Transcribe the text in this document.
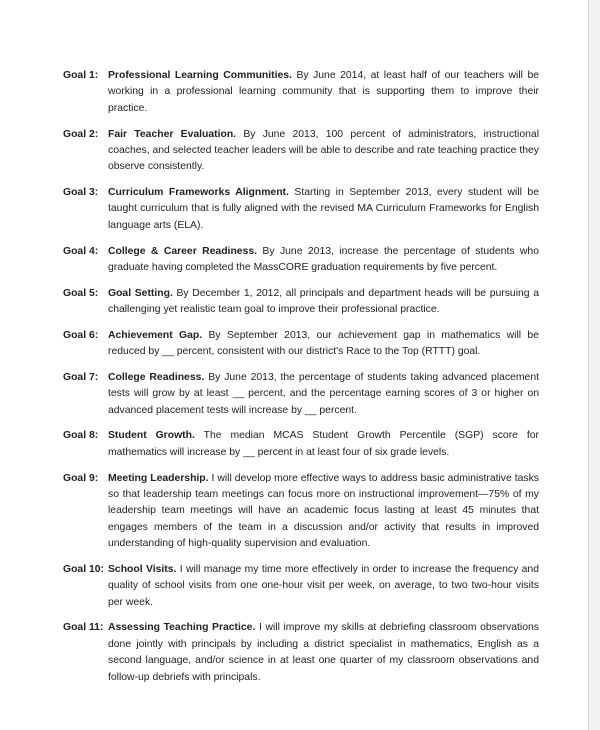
Goal 1: Professional Learning Communities. By June 2014, at least half of our teachers will be working in a professional learning community that is supporting them to improve their practice.
Goal 2: Fair Teacher Evaluation. By June 2013, 100 percent of administrators, instructional coaches, and selected teacher leaders will be able to describe and rate teaching practice they observe consistently.
Goal 3: Curriculum Frameworks Alignment. Starting in September 2013, every student will be taught curriculum that is fully aligned with the revised MA Curriculum Frameworks for English language arts (ELA).
Goal 4: College & Career Readiness. By June 2013, increase the percentage of students who graduate having completed the MassCORE graduation requirements by five percent.
Goal 5: Goal Setting. By December 1, 2012, all principals and department heads will be pursuing a challenging yet realistic team goal to improve their professional practice.
Goal 6: Achievement Gap. By September 2013, our achievement gap in mathematics will be reduced by __ percent, consistent with our district's Race to the Top (RTTT) goal.
Goal 7: College Readiness. By June 2013, the percentage of students taking advanced placement tests will grow by at least __ percent, and the percentage earning scores of 3 or higher on advanced placement tests will increase by __ percent.
Goal 8: Student Growth. The median MCAS Student Growth Percentile (SGP) score for mathematics will increase by __ percent in at least four of six grade levels.
Goal 9: Meeting Leadership. I will develop more effective ways to address basic administrative tasks so that leadership team meetings can focus more on instructional improvement—75% of my leadership team meetings will have an academic focus lasting at least 45 minutes that engages members of the team in a discussion and/or activity that results in improved understanding of high-quality supervision and evaluation.
Goal 10: School Visits. I will manage my time more effectively in order to increase the frequency and quality of school visits from one one-hour visit per week, on average, to two two-hour visits per week.
Goal 11: Assessing Teaching Practice. I will improve my skills at debriefing classroom observations done jointly with principals by including a district specialist in mathematics, English as a second language, and/or science in at least one quarter of my classroom observations and follow-up debriefs with principals.
